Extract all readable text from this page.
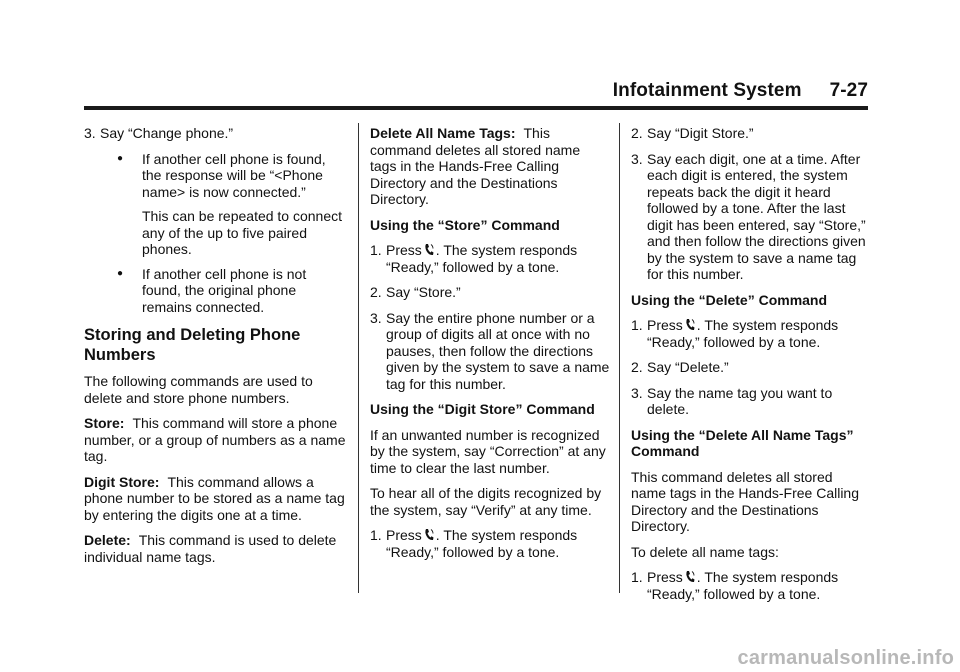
Infotainment System 7-27

3. Say “Change phone.”

● If another cell phone is found, the response will be “<Phone name> is now connected.”

This can be repeated to connect any of the up to five paired phones.

● If another cell phone is not found, the original phone remains connected.

Storing and Deleting Phone Numbers

The following commands are used to delete and store phone numbers.

Store: This command will store a phone number, or a group of numbers as a name tag.

Digit Store: This command allows a phone number to be stored as a name tag by entering the digits one at a time.

Delete: This command is used to delete individual name tags.

Delete All Name Tags: This command deletes all stored name tags in the Hands-Free Calling Directory and the Destinations Directory.

Using the “Store” Command

1. Press . The system responds “Ready,” followed by a tone.

2. Say “Store.”

3. Say the entire phone number or a group of digits all at once with no pauses, then follow the directions given by the system to save a name tag for this number.

Using the “Digit Store” Command

If an unwanted number is recognized by the system, say “Correction” at any time to clear the last number.

To hear all of the digits recognized by the system, say “Verify” at any time.

1. Press . The system responds “Ready,” followed by a tone.

2. Say “Digit Store.”

3. Say each digit, one at a time. After each digit is entered, the system repeats back the digit it heard followed by a tone. After the last digit has been entered, say “Store,” and then follow the directions given by the system to save a name tag for this number.

Using the “Delete” Command

1. Press . The system responds “Ready,” followed by a tone.

2. Say “Delete.”

3. Say the name tag you want to delete.

Using the “Delete All Name Tags” Command

This command deletes all stored name tags in the Hands-Free Calling Directory and the Destinations Directory.

To delete all name tags:

1. Press . The system responds “Ready,” followed by a tone.

carmanualsonline.info
